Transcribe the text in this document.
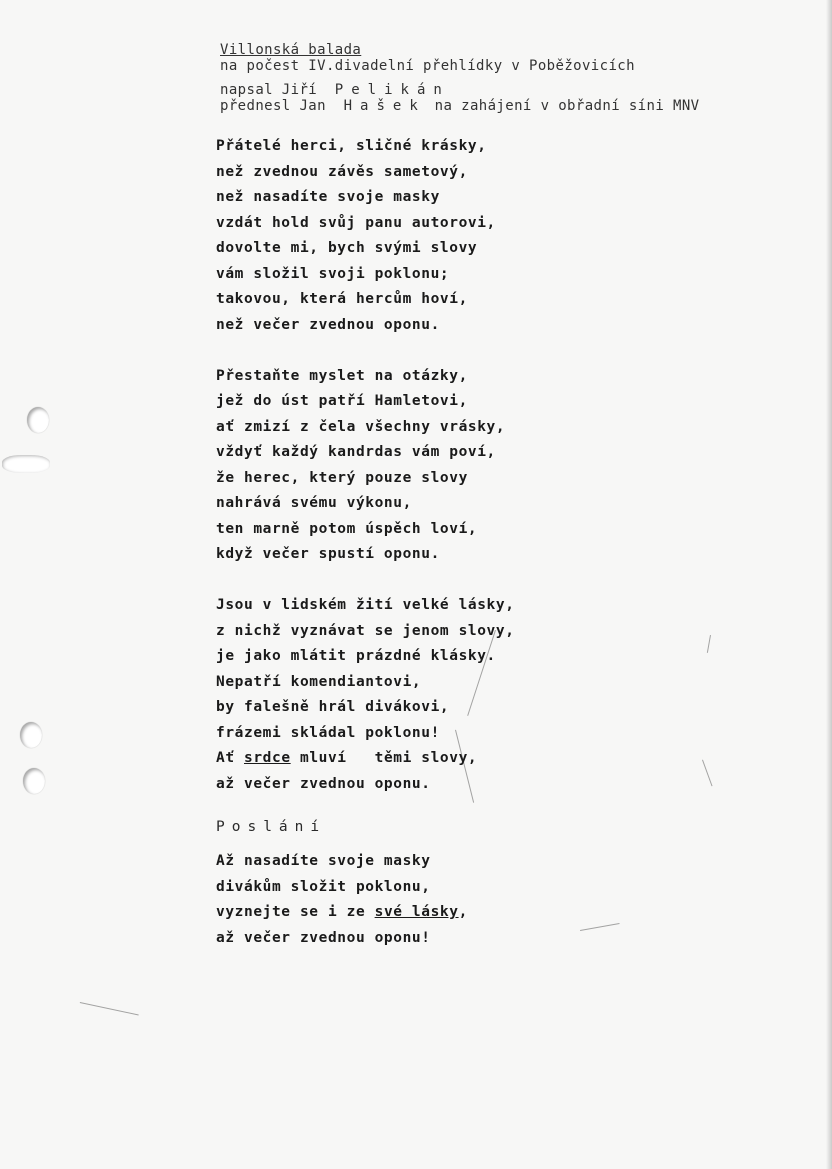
Villonská balada
na počest IV.divadelní přehlídky v Poběžovicích
napsal Jiří Pelikán
přednesl Jan Hašek na zahájení v obřadní síni MNV
Přátelé herci, sličné krásky,
než zvednou závěs sametový,
než nasadíte svoje masky
vzdát hold svůj panu autorovi,
dovolte mi, bych svými slovy
vám složil svoji poklonu;
takovou, která hercům hoví,
než večer zvednou oponu.
Přestaňte myslet na otázky,
jež do úst patří Hamletovi,
ať zmizí z čela všechny vrásky,
vždyť každý kandrdas vám poví,
že herec, který pouze slovy
nahrává svému výkonu,
ten marně potom úspěch loví,
když večer spustí oponu.
Jsou v lidském žití velké lásky,
z nichž vyznávat se jenom slovy,
je jako mlátit prázdné klásky.
Nepatří komendiantovi,
by falešně hrál divákovi,
frázemi skládal poklonu!
Ať srdce mluví   těmi slovy,
až večer zvednou oponu.
Poslání
Až nasadíte svoje masky
divákům složit poklonu,
vyznejte se i ze své lásky,
až večer zvednou oponu!
